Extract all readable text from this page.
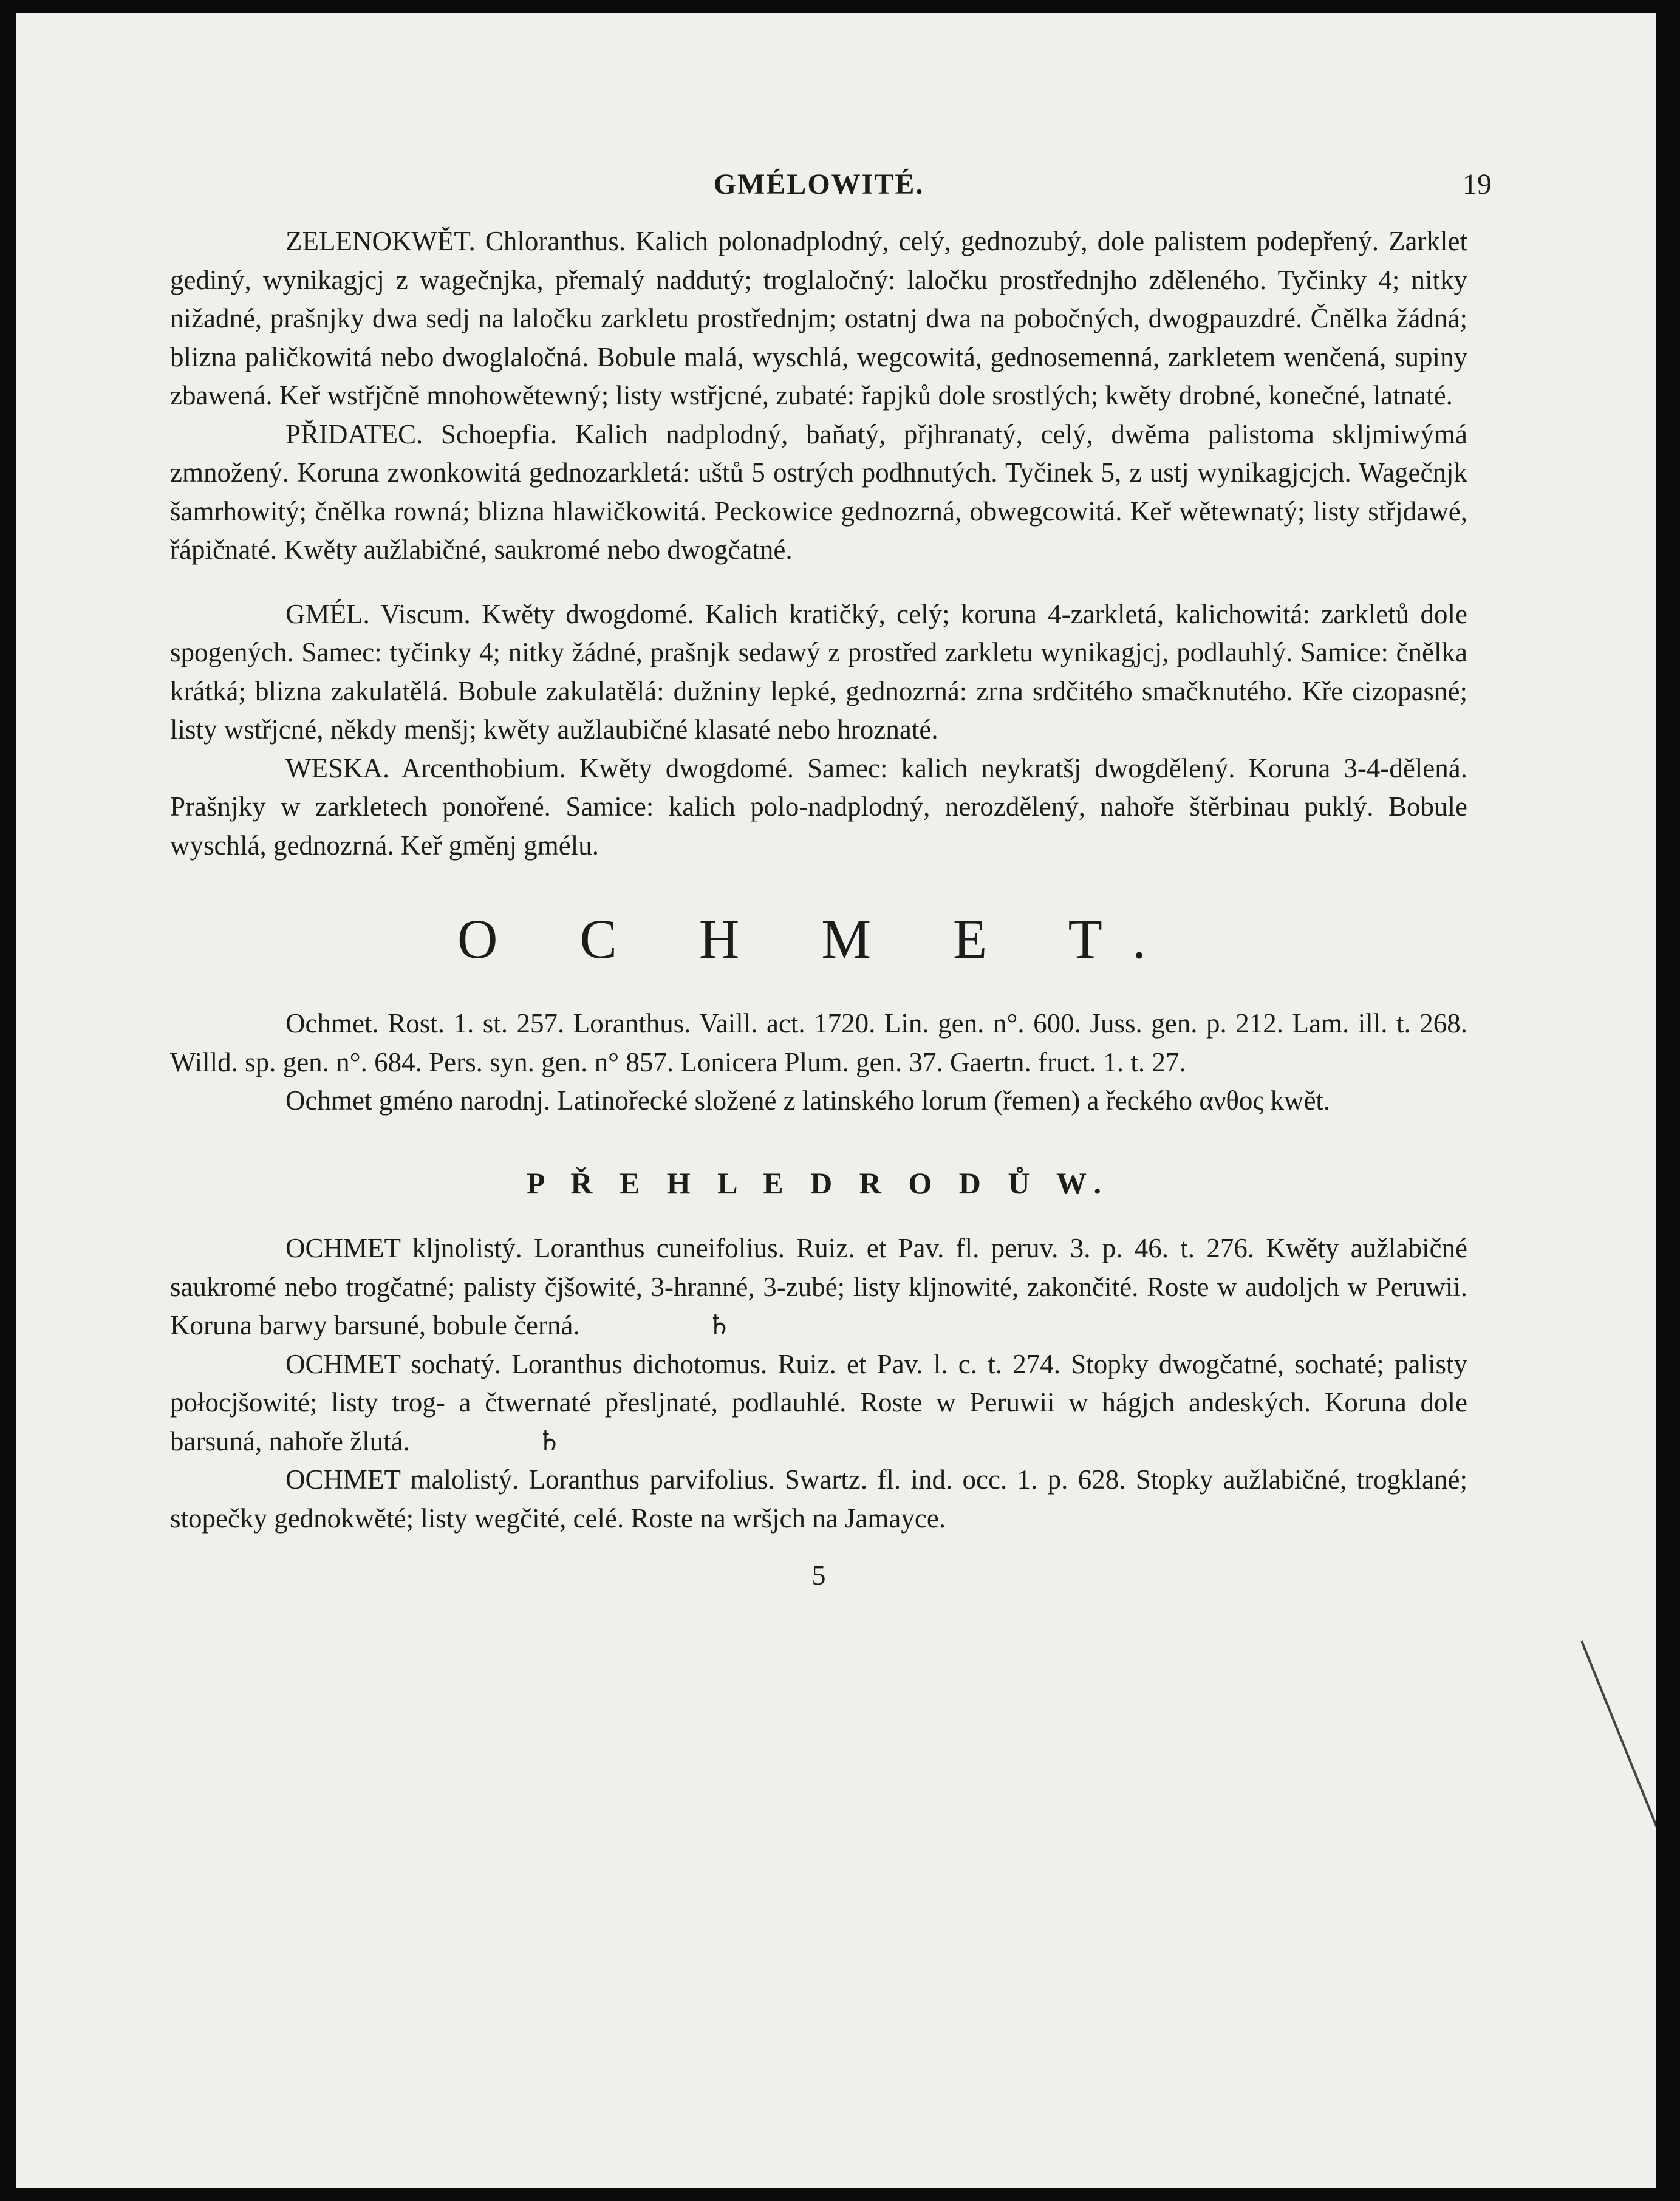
GMÉLOWITÉ.	19

ZELENOKWĚT. Chloranthus. Kalich polonadplodný, celý, gednozubý, dole palistem podepřený. Zarklet gediný, wynikagjcj z wagečnjka, přemalý naddutý; troglaločný: laločku prostřednjho zděleného. Tyčinky 4; nitky nižadné, prašnjky dwa sedj na laločku zarkletu prostřednjm; ostatnj dwa na pobočných, dwogpauzdré. Čnělka žádná; blizna paličkowitá nebo dwoglaločná. Bobule malá, wyschlá, wegcowitá, gednosemenná, zarkletem wenčená, supiny zbawená. Keř wstřjčně mnohowětewný; listy wstřjcné, zubaté: řapjků dole srostlých; kwěty drobné, konečné, latnaté.

PŘIDATEC. Schoepfia. Kalich nadplodný, baňatý, přjhranatý, celý, dwěma palistoma skljmiwýmá zmnožený. Koruna zwonkowitá gednozarkletá: uštů 5 ostrých podhnutých. Tyčinek 5, z ustj wynikagjcjch. Wagečnjk šamrhowitý; čnělka rowná; blizna hlawičkowitá. Peckowice gednozrná, obwegcowitá. Keř wětewnatý; listy střjdawé, řápičnaté. Kwěty aužlabičné, saukromé nebo dwogčatné.

GMÉL. Viscum. Kwěty dwogdomé. Kalich kratičký, celý; koruna 4-zarkletá, kalichowitá: zarkletů dole spogených. Samec: tyčinky 4; nitky žádné, prašnjk sedawý z prostřed zarkletu wynikagjcj, podlauhlý. Samice: čnělka krátká; blizna zakulatělá. Bobule zakulatělá: dužniny lepké, gednozrná: zrna srdčitého smačknutého. Křе cizopasné; listy wstřjcné, někdy menšj; kwěty aužlaubičné klasaté nebo hroznaté.

WESKA. Arcenthobium. Kwěty dwogdomé. Samec: kalich neykratšj dwogdělený. Koruna 3-4-dělená. Prašnjky w zarkletech ponořené. Samice: kalich polo-nadplodný, nerozdělený, nahoře štěrbinau puklý. Bobule wyschlá, gednozrná. Keř gměnj gmélu.

O C H M E T.

Ochmet. Rost. 1. st. 257. Loranthus. Vaill. act. 1720. Lin. gen. n°. 600. Juss. gen. p. 212. Lam. ill. t. 268. Willd. sp. gen. n°. 684. Pers. syn. gen. n° 857. Lonicera Plum. gen. 37. Gaertn. fruct. 1. t. 27.

Ochmet gméno narodnj. Latinořecké složené z latinského lorum (řemen) a řeckého ανθος kwět.

P Ř E H L E D R O D Ů W.

OCHMET kljnolistý. Loranthus cuneifolius. Ruiz. et Pav. fl. peruv. 3. p. 46. t. 276. Kwěty aužlabičné saukromé nebo trogčatné; palisty čjšowité, 3-hranné, 3-zubé; listy kljnowité, zakončité. Roste w audoljch w Peruwii. Koruna barwy barsuné, bobule černá.	♄

OCHMET sochatý. Loranthus dichotomus. Ruiz. et Pav. l. c. t. 274. Stopky dwogčatné, sochaté; palisty połocjšowité; listy trog- a čtwernaté přeslјnaté, podlauhlé. Roste w Peruwii w hágjch andeských. Koruna dole barsuná, nahoře žlutá.	♄

OCHMET malolistý. Loranthus parvifolius. Swartz. fl. ind. occ. 1. p. 628. Stopky aužlabičné, trogklané; stopečky gednokwěté; listy wegčité, celé. Roste na wršjch na Jamayce.

5
